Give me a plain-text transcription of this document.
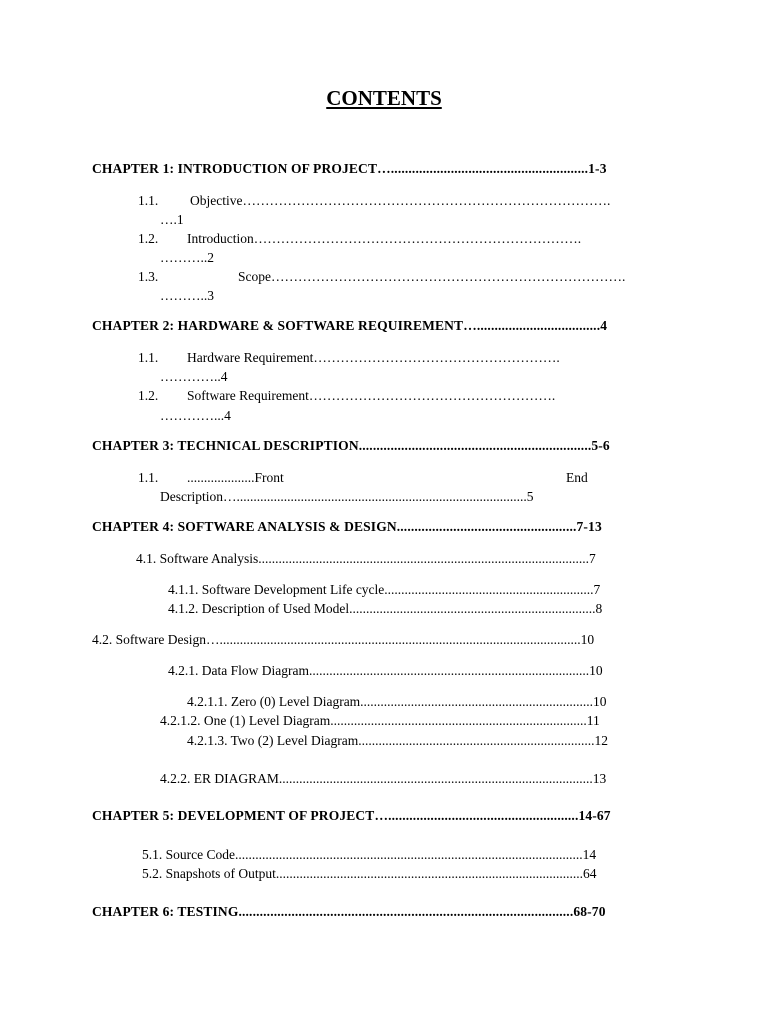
CONTENTS
CHAPTER 1: INTRODUCTION OF PROJECT…........................................................1-3
1.1. Objective……………………………………………………………………….
….1
1.2. Introduction……………………………………………………………….
………..2
1.3.	Scope…………………………………………………………………….
………..3
CHAPTER 2: HARDWARE & SOFTWARE REQUIREMENT…...................................4
1.1. Hardware Requirement……………………………………………….
…………..4
1.2. Software Requirement……………………………………………….
…………...4
CHAPTER 3: TECHNICAL DESCRIPTION..................................................................5-6
1.1. ....................Front	End
Description…......................................................................................5
CHAPTER 4: SOFTWARE ANALYSIS & DESIGN...................................................7-13
4.1. Software Analysis..................................................................................................7
4.1.1. Software Development Life cycle..............................................................7
4.1.2. Description of Used Model.........................................................................8
4.2. Software Design…...........................................................................................................10
4.2.1. Data Flow Diagram...................................................................................10
4.2.1.1. Zero (0) Level Diagram.....................................................................10
4.2.1.2. One (1) Level Diagram............................................................................11
4.2.1.3. Two (2) Level Diagram......................................................................12
4.2.2. ER DIAGRAM.............................................................................................13
CHAPTER 5: DEVELOPMENT OF PROJECT…......................................................14-67
5.1. Source Code.......................................................................................................14
5.2. Snapshots of Output...........................................................................................64
CHAPTER 6: TESTING...............................................................................................68-70
